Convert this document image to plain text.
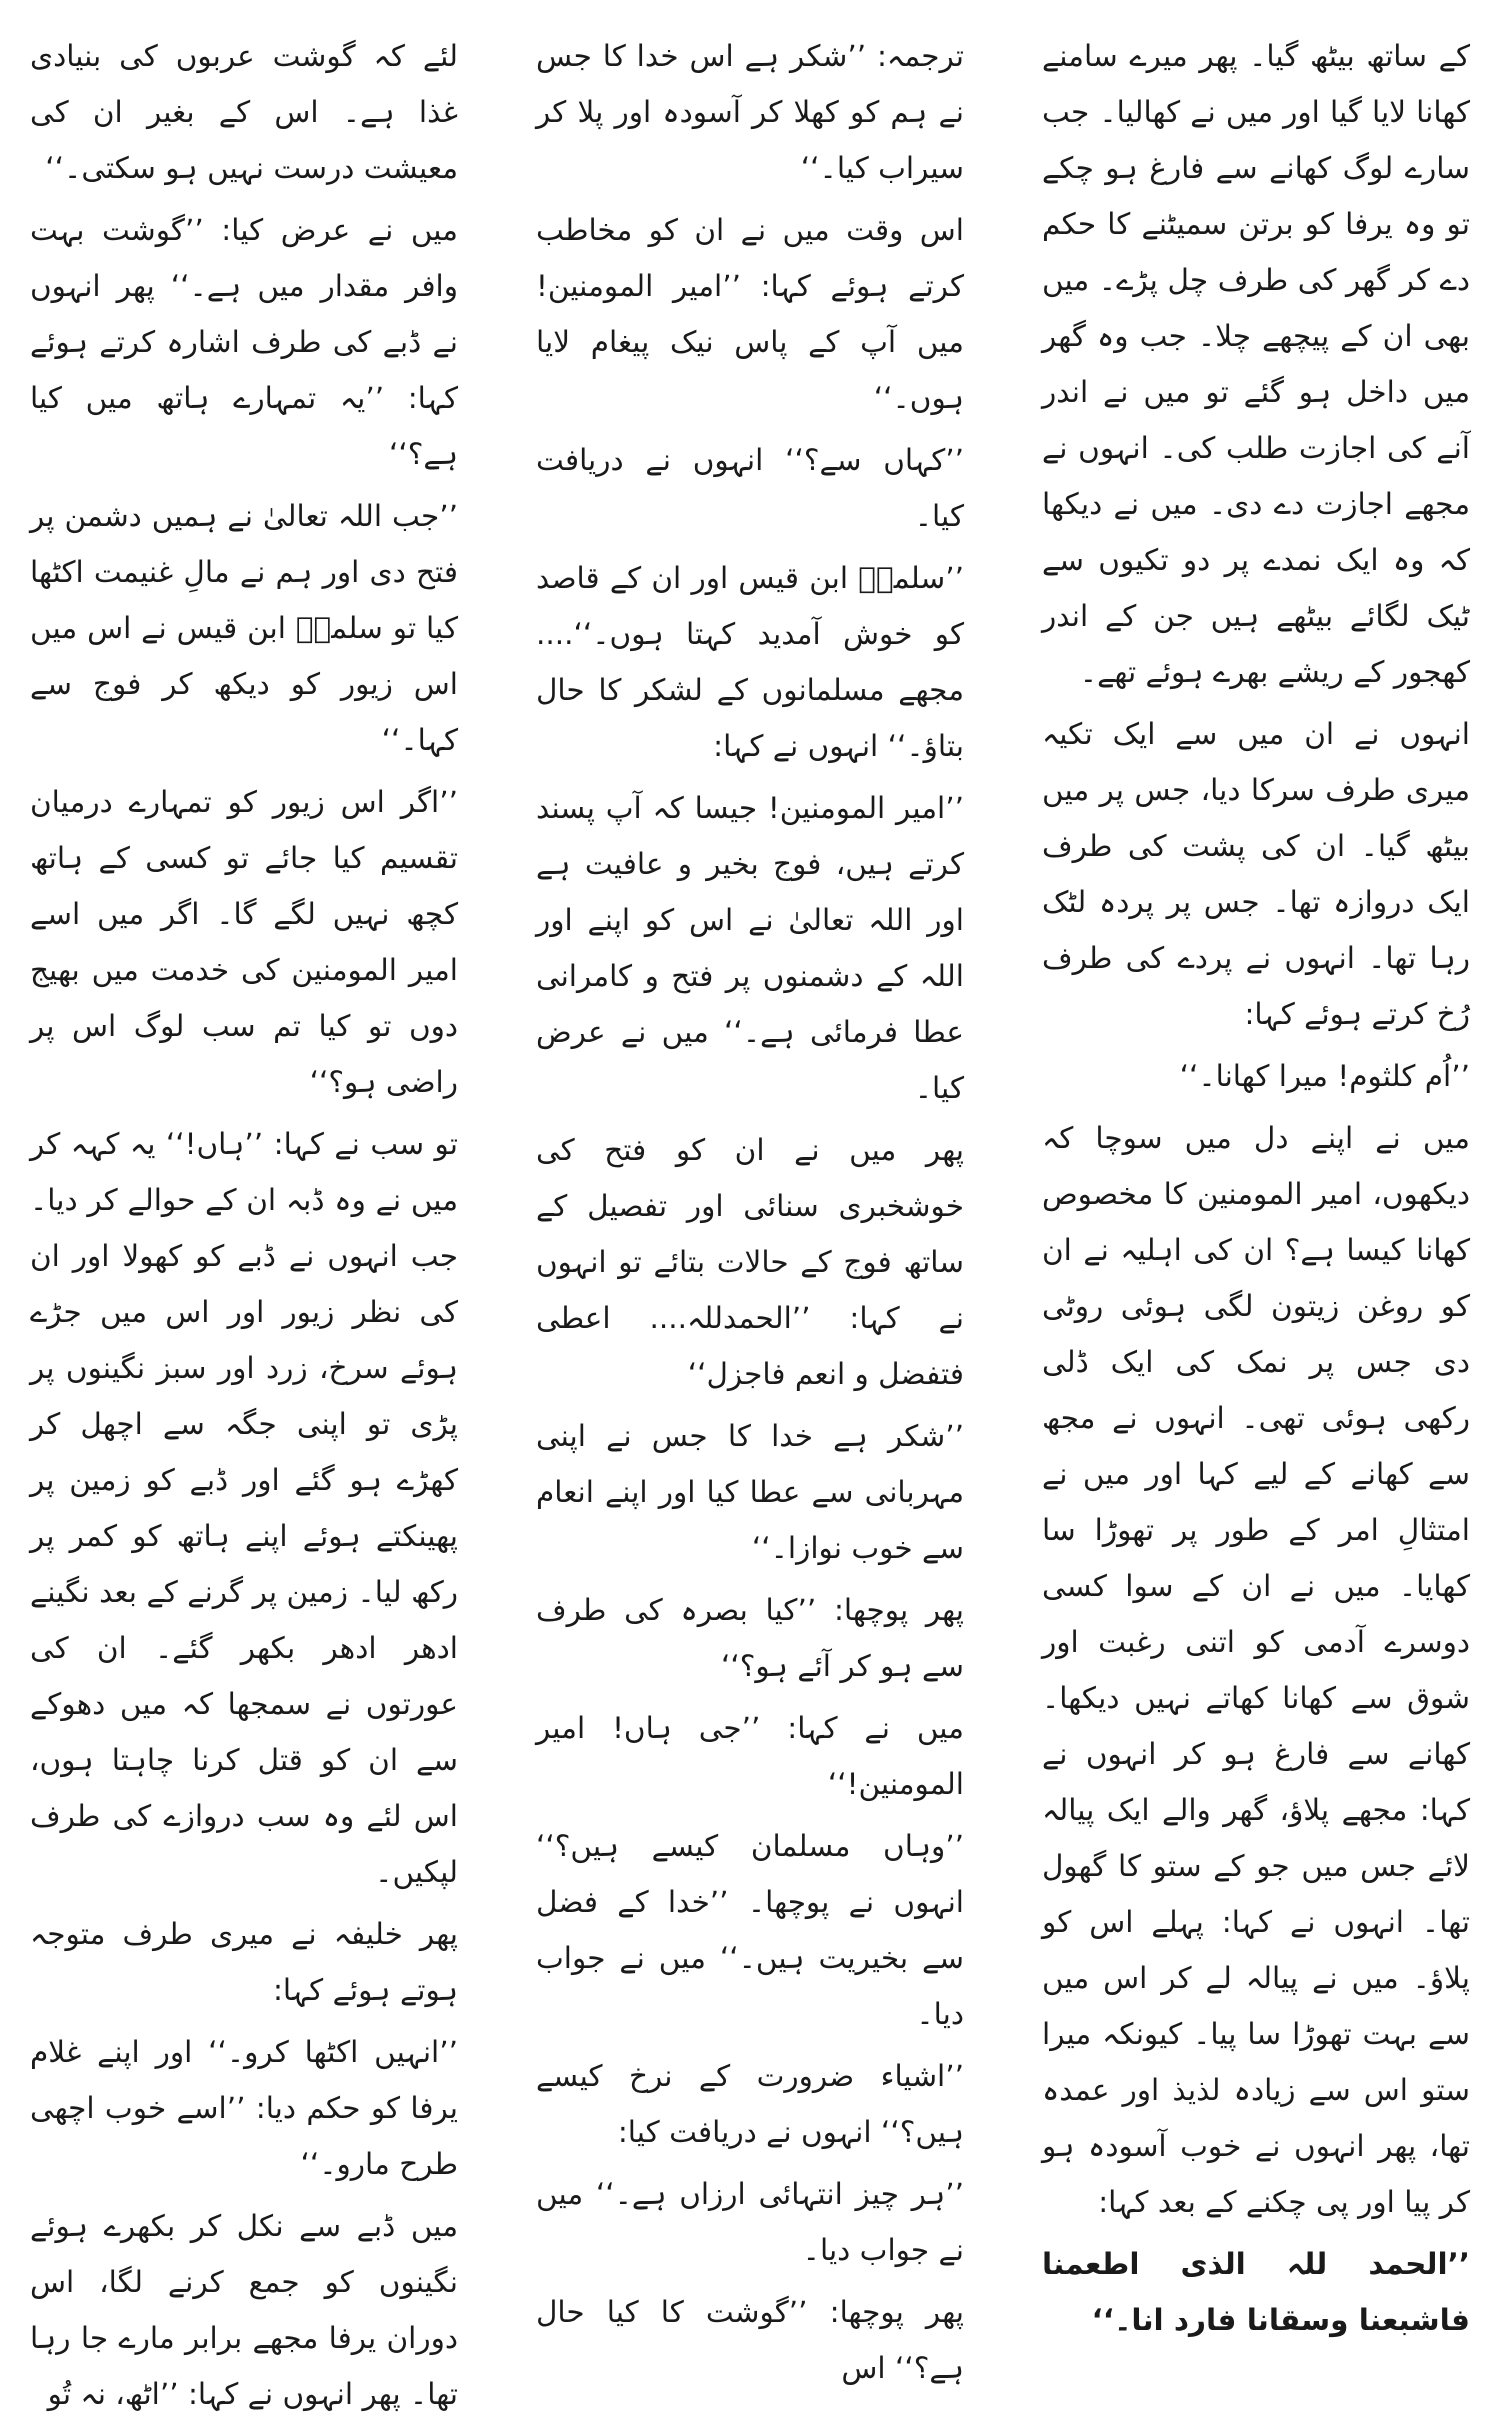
کے ساتھ بیٹھ گیا۔ پھر میرے سامنے کھانا لایا گیا اور میں نے کھالیا۔ جب سارے لوگ کھانے سے فارغ ہو چکے تو وہ یرفا کو برتن سمیٹنے کا حکم دے کر گھر کی طرف چل پڑے۔ میں بھی ان کے پیچھے چلا۔ جب وہ گھر میں داخل ہو گئے تو میں نے اندر آنے کی اجازت طلب کی۔ انہوں نے مجھے اجازت دے دی۔ میں نے دیکھا کہ وہ ایک نمدے پر دو تکیوں سے ٹیک لگائے بیٹھے ہیں جن کے اندر کھجور کے ریشے بھرے ہوئے تھے۔

انہوں نے ان میں سے ایک تکیہ میری طرف سرکا دیا، جس پر میں بیٹھ گیا۔ ان کی پشت کی طرف ایک دروازہ تھا۔ جس پر پردہ لٹک رہا تھا۔ انہوں نے پردے کی طرف رُخ کرتے ہوئے کہا:

’’اُم کلثوم! میرا کھانا۔‘‘

میں نے اپنے دل میں سوچا کہ دیکھوں، امیر المومنین کا مخصوص کھانا کیسا ہے؟ ان کی اہلیہ نے ان کو روغن زیتون لگی ہوئی روٹی دی جس پر نمک کی ایک ڈلی رکھی ہوئی تھی۔ انہوں نے مجھ سے کھانے کے لیے کہا اور میں نے امتثالِ امر کے طور پر تھوڑا سا کھایا۔ میں نے ان کے سوا کسی دوسرے آدمی کو اتنی رغبت اور شوق سے کھانا کھاتے نہیں دیکھا۔ کھانے سے فارغ ہو کر انہوں نے کہا: مجھے پلاؤ، گھر والے ایک پیالہ لائے جس میں جو کے ستو کا گھول تھا۔ انہوں نے کہا: پہلے اس کو پلاؤ۔ میں نے پیالہ لے کر اس میں سے بہت تھوڑا سا پیا۔ کیونکہ میرا ستو اس سے زیادہ لذیذ اور عمدہ تھا، پھر انہوں نے خوب آسودہ ہو کر پیا اور پی چکنے کے بعد کہا:

’’الحمد للہ الذی اطعمنا فاشبعنا وسقانا فارد انا۔‘‘

ترجمہ: ’’شکر ہے اس خدا کا جس نے ہم کو کھلا کر آسودہ اور پلا کر سیراب کیا۔‘‘

اس وقت میں نے ان کو مخاطب کرتے ہوئے کہا: ’’امیر المومنین! میں آپ کے پاس نیک پیغام لایا ہوں۔‘‘

’’کہاں سے؟‘‘ انہوں نے دریافت کیا۔

’’سلمہؓ ابن قیس اور ان کے قاصد کو خوش آمدید کہتا ہوں۔‘‘.... مجھے مسلمانوں کے لشکر کا حال بتاؤ۔‘‘ انہوں نے کہا:

’’امیر المومنین! جیسا کہ آپ پسند کرتے ہیں، فوج بخیر و عافیت ہے اور اللہ تعالیٰ نے اس کو اپنے اور اللہ کے دشمنوں پر فتح و کامرانی عطا فرمائی ہے۔‘‘ میں نے عرض کیا۔

پھر میں نے ان کو فتح کی خوشخبری سنائی اور تفصیل کے ساتھ فوج کے حالات بتائے تو انہوں نے کہا: ’’الحمدللہ.... اعطی فتفضل و انعم فاجزل‘‘

’’شکر ہے خدا کا جس نے اپنی مہربانی سے عطا کیا اور اپنے انعام سے خوب نوازا۔‘‘

پھر پوچھا: ’’کیا بصرہ کی طرف سے ہو کر آئے ہو؟‘‘

میں نے کہا: ’’جی ہاں! امیر المومنین!‘‘

’’وہاں مسلمان کیسے ہیں؟‘‘ انہوں نے پوچھا۔ ’’خدا کے فضل سے بخیریت ہیں۔‘‘ میں نے جواب دیا۔

’’اشیاء ضرورت کے نرخ کیسے ہیں؟‘‘ انہوں نے دریافت کیا:

’’ہر چیز انتہائی ارزاں ہے۔‘‘ میں نے جواب دیا۔

پھر پوچھا: ’’گوشت کا کیا حال ہے؟‘‘ اس

لئے کہ گوشت عربوں کی بنیادی غذا ہے۔ اس کے بغیر ان کی معیشت درست نہیں ہو سکتی۔‘‘

میں نے عرض کیا: ’’گوشت بہت وافر مقدار میں ہے۔‘‘ پھر انہوں نے ڈبے کی طرف اشارہ کرتے ہوئے کہا: ’’یہ تمہارے ہاتھ میں کیا ہے؟‘‘

’’جب اللہ تعالیٰ نے ہمیں دشمن پر فتح دی اور ہم نے مالِ غنیمت اکٹھا کیا تو سلمہؓ ابن قیس نے اس میں اس زیور کو دیکھ کر فوج سے کہا۔‘‘

’’اگر اس زیور کو تمہارے درمیان تقسیم کیا جائے تو کسی کے ہاتھ کچھ نہیں لگے گا۔ اگر میں اسے امیر المومنین کی خدمت میں بھیج دوں تو کیا تم سب لوگ اس پر راضی ہو؟‘‘

تو سب نے کہا: ’’ہاں!‘‘ یہ کہہ کر میں نے وہ ڈبہ ان کے حوالے کر دیا۔ جب انہوں نے ڈبے کو کھولا اور ان کی نظر زیور اور اس میں جڑے ہوئے سرخ، زرد اور سبز نگینوں پر پڑی تو اپنی جگہ سے اچھل کر کھڑے ہو گئے اور ڈبے کو زمین پر پھینکتے ہوئے اپنے ہاتھ کو کمر پر رکھ لیا۔ زمین پر گرنے کے بعد نگینے ادھر ادھر بکھر گئے۔ ان کی عورتوں نے سمجھا کہ میں دھوکے سے ان کو قتل کرنا چاہتا ہوں، اس لئے وہ سب دروازے کی طرف لپکیں۔

پھر خلیفہ نے میری طرف متوجہ ہوتے ہوئے کہا:

’’انہیں اکٹھا کرو۔‘‘ اور اپنے غلام یرفا کو حکم دیا: ’’اسے خوب اچھی طرح مارو۔‘‘

میں ڈبے سے نکل کر بکھرے ہوئے نگینوں کو جمع کرنے لگا، اس دوران یرفا مجھے برابر مارے جا رہا تھا۔ پھر انہوں نے کہا: ’’اٹھ، نہ تُو
